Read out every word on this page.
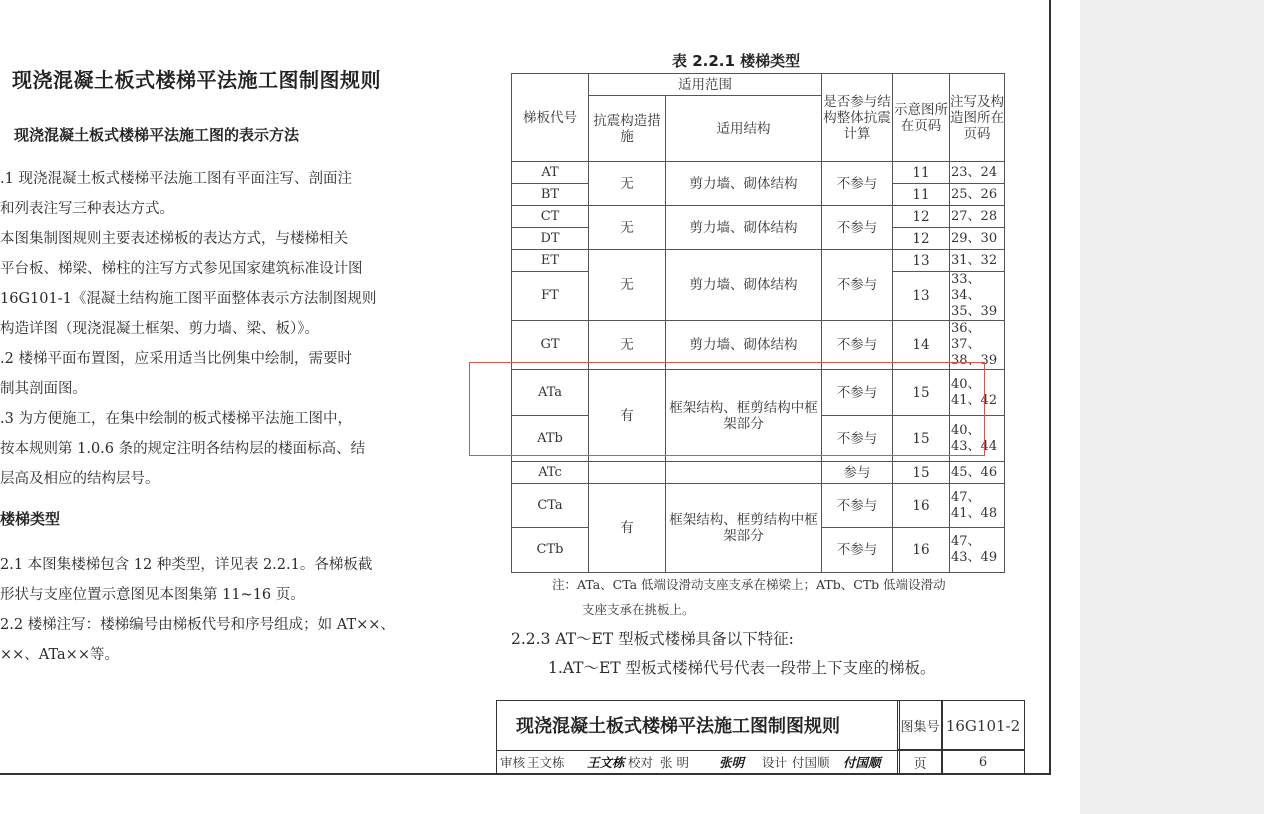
现浇混凝土板式楼梯平法施工图制图规则
现浇混凝土板式楼梯平法施工图的表示方法
.1 现浇混凝土板式楼梯平法施工图有平面注写、剖面注
和列表注写三种表达方式。
本图集制图规则主要表述梯板的表达方式，与楼梯相关
平台板、梯梁、梯柱的注写方式参见国家建筑标准设计图
16G101-1《混凝土结构施工图平面整体表示方法制图规则
构造详图（现浇混凝土框架、剪力墙、梁、板）》。
.2 楼梯平面布置图，应采用适当比例集中绘制，需要时
制其剖面图。
.3 为方便施工，在集中绘制的板式楼梯平法施工图中，
按本规则第 1.0.6 条的规定注明各结构层的楼面标高、结
层高及相应的结构层号。
楼梯类型
2.1 本图集楼梯包含 12 种类型，详见表 2.2.1。各梯板截
形状与支座位置示意图见本图集第 11~16 页。
2.2 楼梯注写：楼梯编号由梯板代号和序号组成；如 AT××、
××、ATa××等。
表 2.2.1 楼梯类型
梯板代号	适用范围		是否参与结构整体抗震计算	示意图所在页码	注写及构造图所在页码
	抗震构造措施	适用结构			
AT	无	剪力墙、砌体结构	不参与	11	23、24
BT				11	25、26
CT	无	剪力墙、砌体结构	不参与	12	27、28
DT				12	29、30
ET	无	剪力墙、砌体结构	不参与	13	31、32
FT				13	33、34、35、39
GT	无	剪力墙、砌体结构	不参与	14	36、37、38、39
ATa	有	框架结构、框剪结构中框架部分	不参与	15	40、41、42
ATb			不参与	15	40、43、44
ATc			参与	15	45、46
CTa	有	框架结构、框剪结构中框架部分	不参与	16	47、41、48
CTb			不参与	16	47、43、49
注：ATa、CTa 低端设滑动支座支承在梯梁上；ATb、CTb 低端设滑动
支座支承在挑板上。
2.2.3 AT～ET 型板式楼梯具备以下特征:
1.AT～ET 型板式楼梯代号代表一段带上下支座的梯板。
现浇混凝土板式楼梯平法施工图制图规则	图集号 16G101-2
审核 王文栋 王文栋 校对 张 明 张明 设计 付国顺 付国顺	页	6
